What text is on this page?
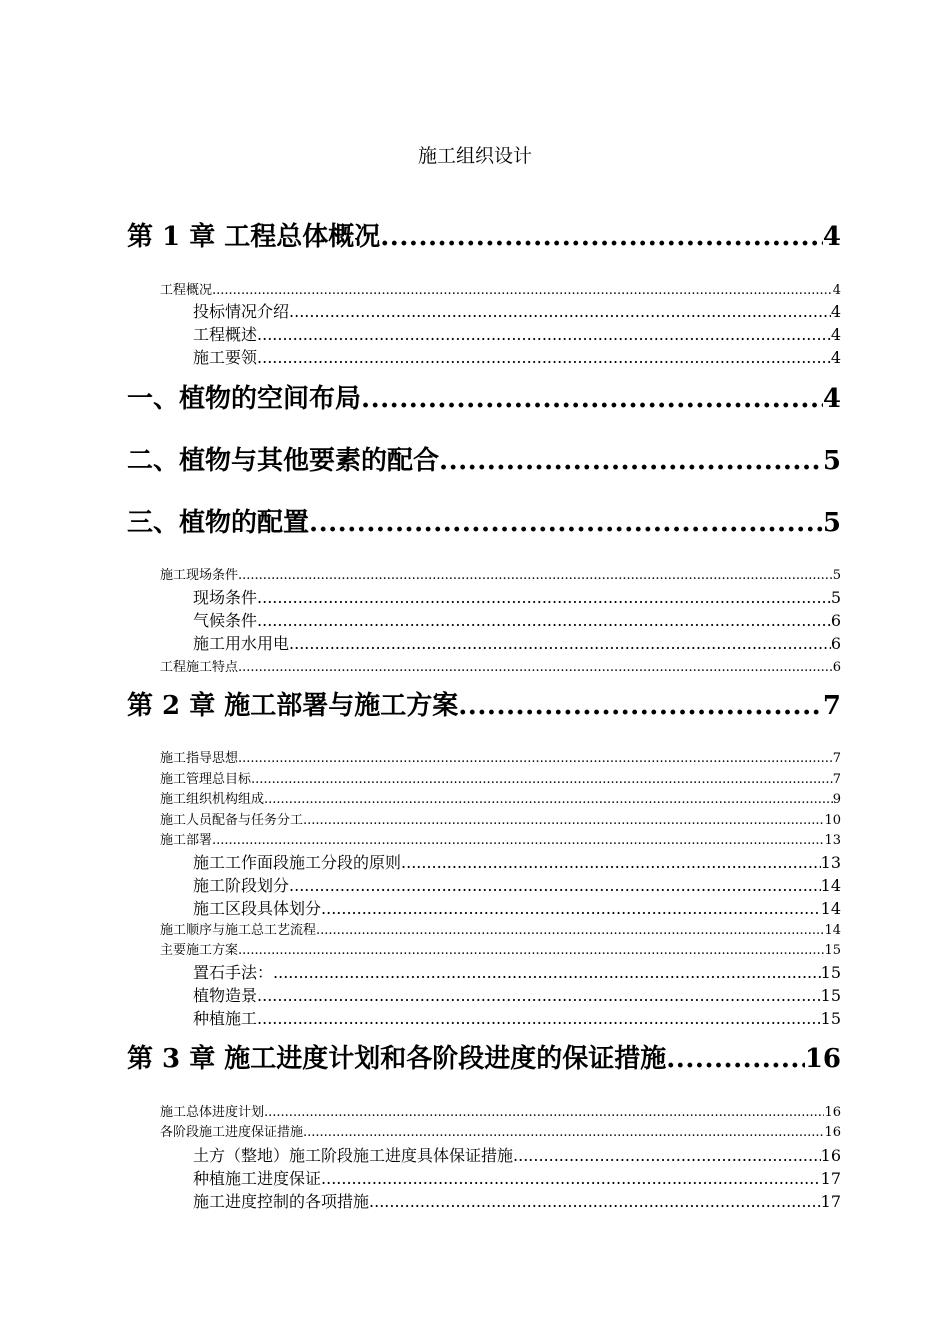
施工组织设计
第 1 章 工程总体概况 .....	4
工程概况 .....	4
投标情况介绍 .....	4
工程概述 .....	4
施工要领 .....	4
一、植物的空间布局 .....	4
二、植物与其他要素的配合 .....	5
三、植物的配置 .....	5
施工现场条件 .....	5
现场条件 .....	5
气候条件 .....	6
施工用水用电 .....	6
工程施工特点 .....	6
第 2 章 施工部署与施工方案 .....	7
施工指导思想 .....	7
施工管理总目标 .....	7
施工组织机构组成 .....	9
施工人员配备与任务分工 .....	10
施工部署 .....	13
施工工作面段施工分段的原则 .....	13
施工阶段划分 .....	14
施工区段具体划分 .....	14
施工顺序与施工总工艺流程 .....	14
主要施工方案 .....	15
置石手法： .....	15
植物造景 .....	15
种植施工 .....	15
第 3 章 施工进度计划和各阶段进度的保证措施 .....	16
施工总体进度计划 .....	16
各阶段施工进度保证措施 .....	16
土方（整地）施工阶段施工进度具体保证措施 .....	16
种植施工进度保证 .....	17
施工进度控制的各项措施 .....	17
